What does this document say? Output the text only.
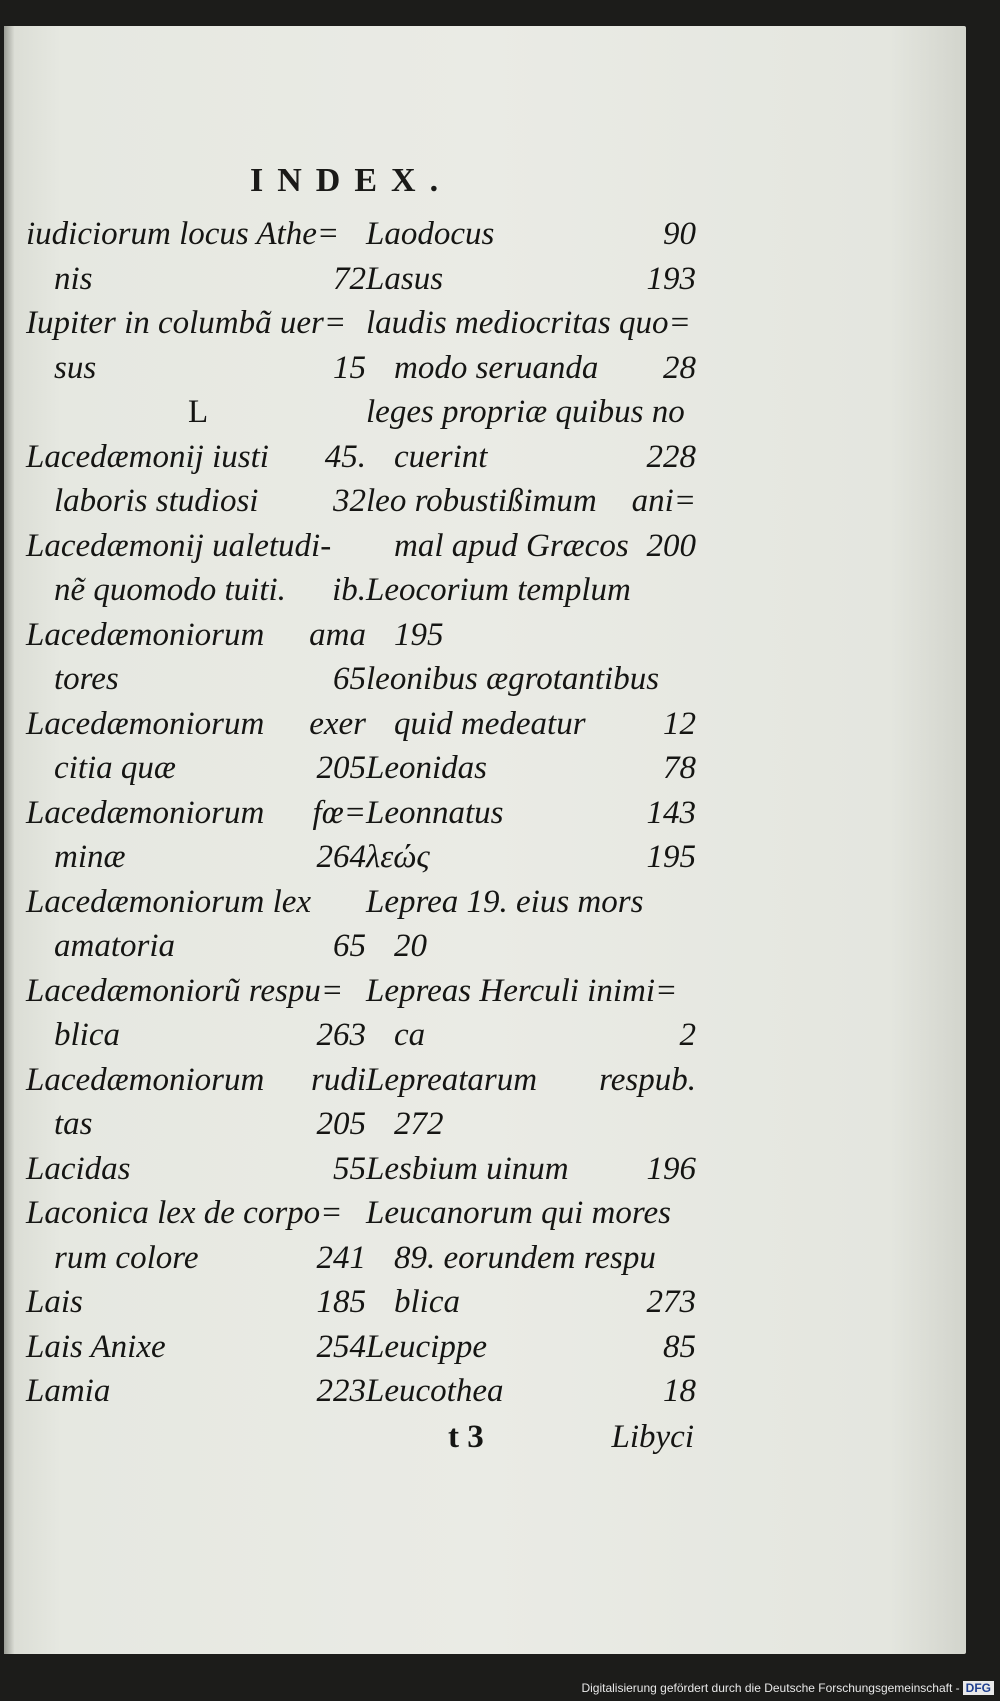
INDEX.
iudiciorum locus Athe=
nis	72
Iupiter in columbã uer=
sus	15
L
Lacedæmonij iusti 45.
laboris studiosi 32
Lacedæmonij ualetudi-
nẽ quomodo tuiti. ib.
Lacedæmoniorum ama
tores	65
Lacedæmoniorum exer
citia quæ	205
Lacedæmoniorum fœ=
minæ	264
Lacedæmoniorum lex
amatoria	65
Lacedæmoniorũ respu=
blica	263
Lacedæmoniorum rudi
tas	205
Lacidas	55
Laconica lex de corpo=
rum colore	241
Lais	185
Lais Anixe	254
Lamia	223
Laodocus	90
Lasus	193
laudis mediocritas quo=
modo seruanda 28
leges propriæ quibus no
cuerint	228
leo robustißimum ani=
mal apud Græcos 200
Leocorium templum
195
leonibus ægrotantibus
quid medeatur 12
Leonidas	78
Leonnatus	143
λεώς	195
Leprea 19. eius mors
20
Lepreas Herculi inimi=
ca	2
Lepreatarum respub.
272
Lesbium uinum 196
Leucanorum qui mores
89. eorundem respu
blica	273
Leucippe	85
Leucothea	18
t 3	Libyci
Digitalisierung gefördert durch die Deutsche Forschungsgemeinschaft - DFG
